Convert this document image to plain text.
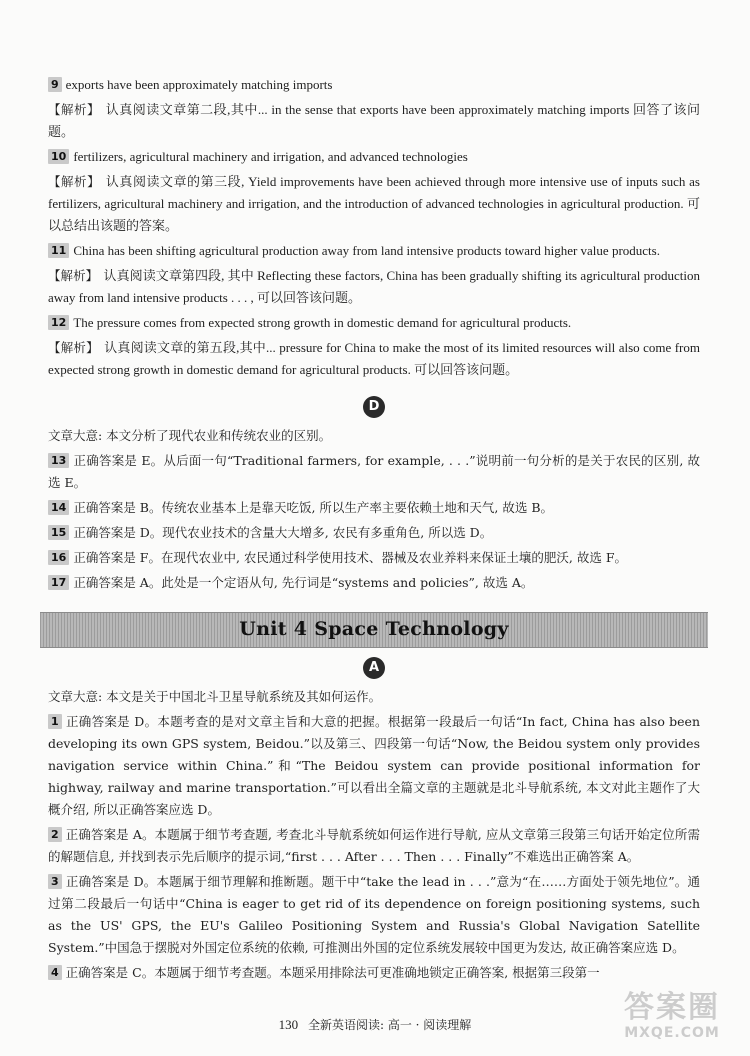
9 exports have been approximately matching imports

【解析】 认真阅读文章第二段,其中... in the sense that exports have been approximately matching imports 回答了该问题。

10 fertilizers, agricultural machinery and irrigation, and advanced technologies

【解析】 认真阅读文章的第三段, Yield improvements have been achieved through more intensive use of inputs such as fertilizers, agricultural machinery and irrigation, and the introduction of advanced technologies in agricultural production. 可以总结出该题的答案。

11 China has been shifting agricultural production away from land intensive products toward higher value products.

【解析】 认真阅读文章第四段, 其中 Reflecting these factors, China has been gradually shifting its agricultural production away from land intensive products . . . , 可以回答该问题。

12 The pressure comes from expected strong growth in domestic demand for agricultural products.

【解析】 认真阅读文章的第五段,其中... pressure for China to make the most of its limited resources will also come from expected strong growth in domestic demand for agricultural products. 可以回答该问题。

D

文章大意: 本文分析了现代农业和传统农业的区别。

13 正确答案是 E。从后面一句“Traditional farmers, for example, . . .”说明前一句分析的是关于农民的区别, 故选 E。

14 正确答案是 B。传统农业基本上是靠天吃饭, 所以生产率主要依赖土地和天气, 故选 B。

15 正确答案是 D。现代农业技术的含量大大增多, 农民有多重角色, 所以选 D。

16 正确答案是 F。在现代农业中, 农民通过科学使用技术、器械及农业养料来保证土壤的肥沃, 故选 F。

17 正确答案是 A。此处是一个定语从句, 先行词是“systems and policies”, 故选 A。

Unit 4 Space Technology
A

文章大意: 本文是关于中国北斗卫星导航系统及其如何运作。

1 正确答案是 D。本题考查的是对文章主旨和大意的把握。根据第一段最后一句话“In fact, China has also been developing its own GPS system, Beidou.”以及第三、四段第一句话“Now, the Beidou system only provides navigation service within China.”和“The Beidou system can provide positional information for highway, railway and marine transportation.”可以看出全篇文章的主题就是北斗导航系统, 本文对此主题作了大概介绍, 所以正确答案应选 D。

2 正确答案是 A。本题属于细节考查题, 考查北斗导航系统如何运作进行导航, 应从文章第三段第三句话开始定位所需的解题信息, 并找到表示先后顺序的提示词,“first . . . After . . . Then . . . Finally”不难选出正确答案 A。

3 正确答案是 D。本题属于细节理解和推断题。题干中“take the lead in . . .”意为“在……方面处于领先地位”。通过第二段最后一句话中“China is eager to get rid of its dependence on foreign positioning systems, such as the US' GPS, the EU's Galileo Positioning System and Russia's Global Navigation Satellite System.”中国急于摆脱对外国定位系统的依赖, 可推测出外国的定位系统发展较中国更为发达, 故正确答案应选 D。

4 正确答案是 C。本题属于细节考查题。本题采用排除法可更准确地锁定正确答案, 根据第三段第一

130 全新英语阅读: 高一 · 阅读理解	答案圈
MXQE.COM
